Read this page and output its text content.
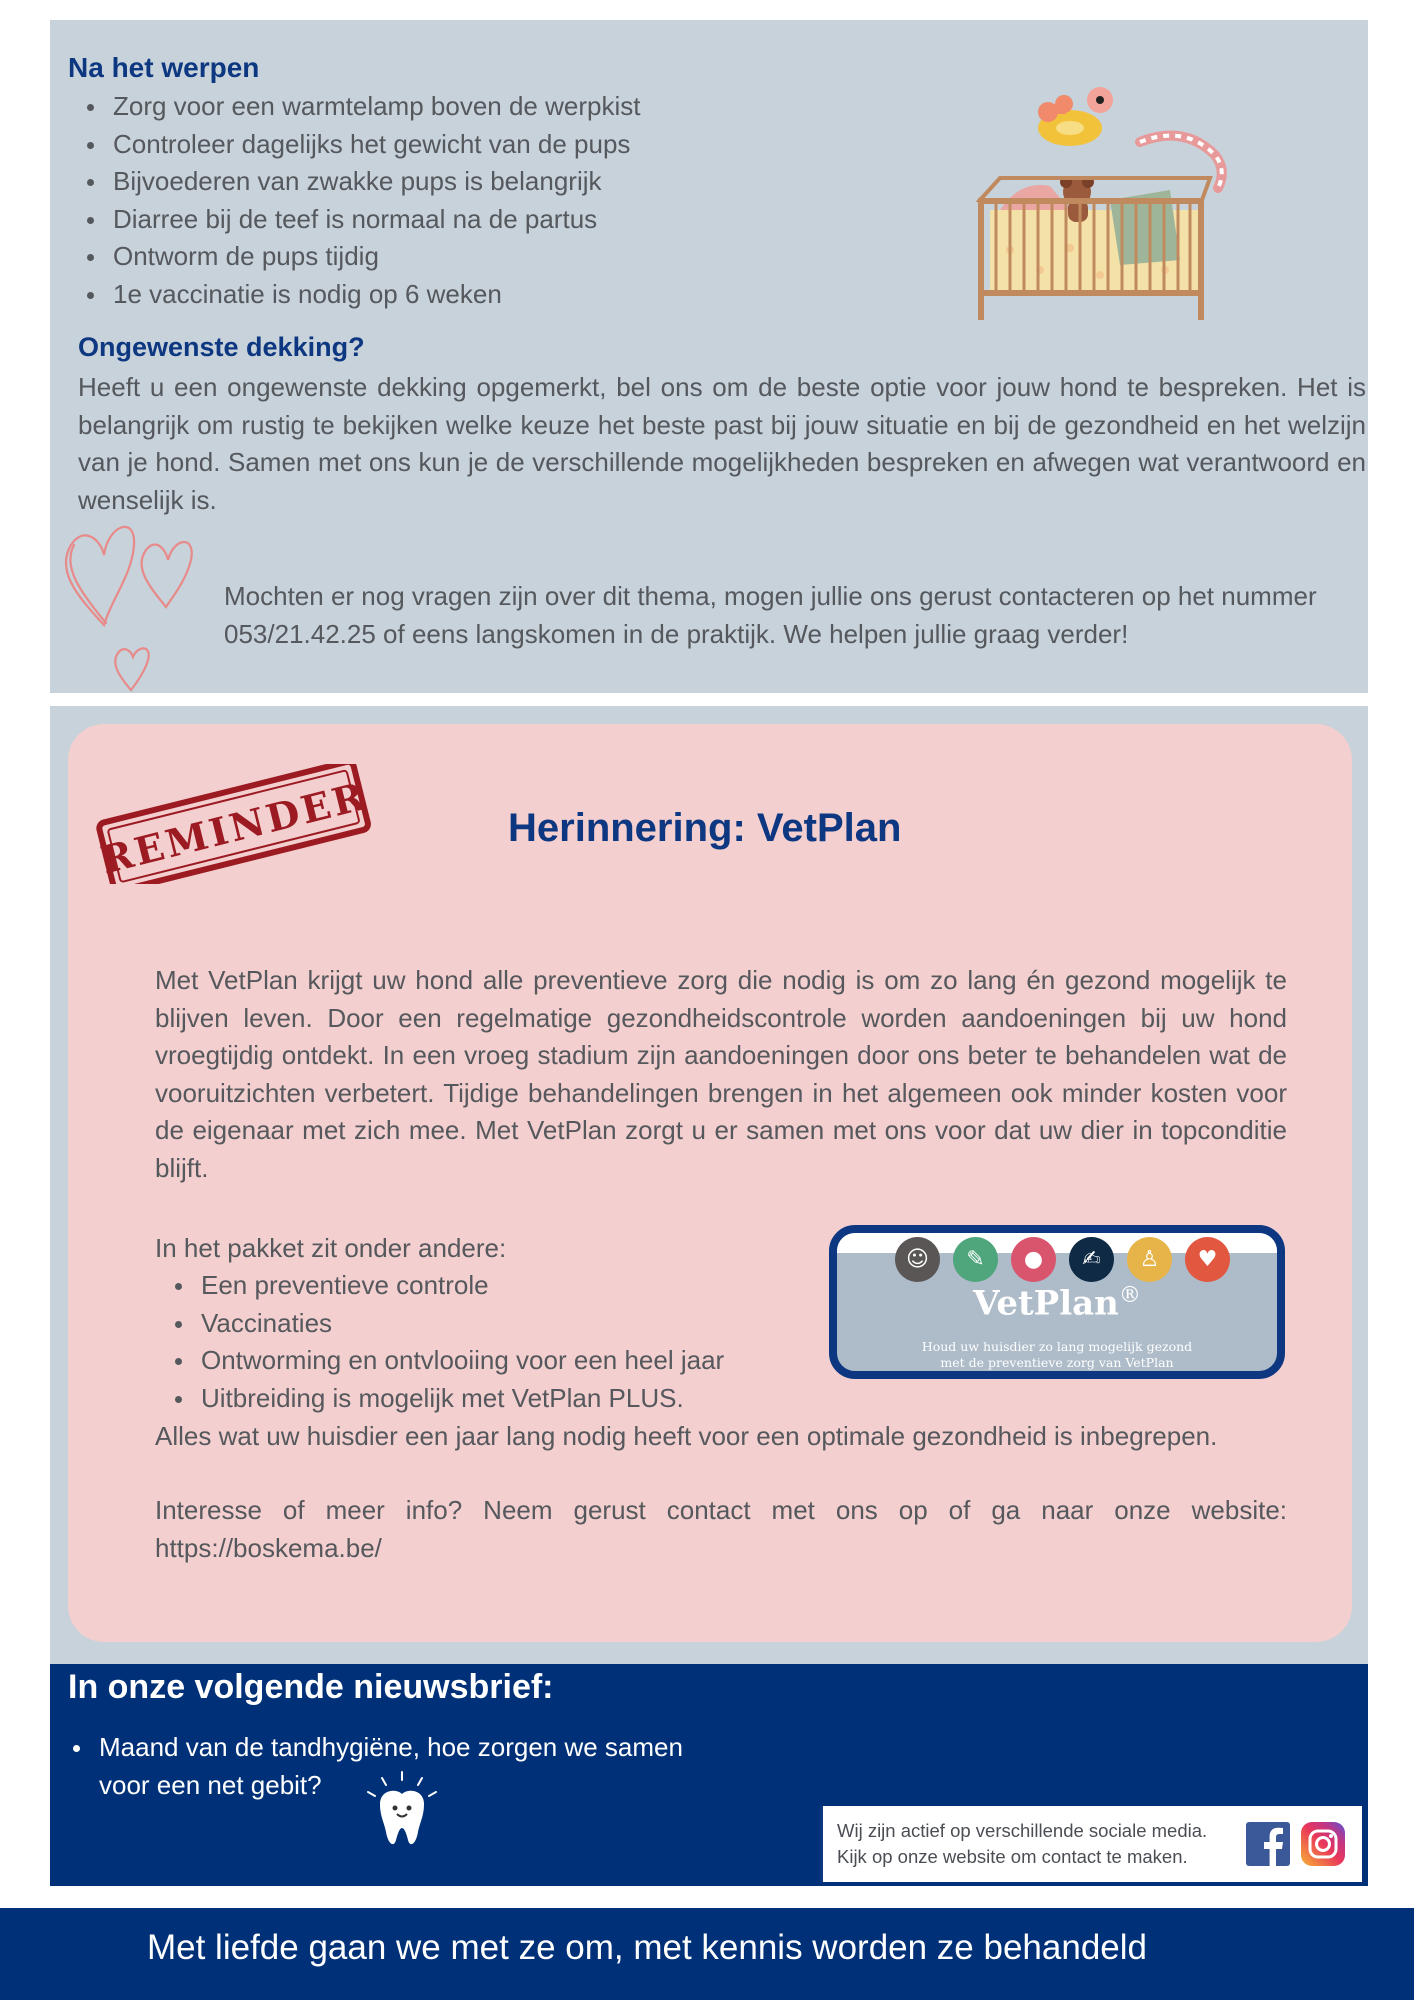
Na het werpen
Zorg voor een warmtelamp boven de werpkist
Controleer dagelijks het gewicht van de pups
Bijvoederen van zwakke pups is belangrijk
Diarree bij de teef is normaal na de partus
Ontworm de pups tijdig
1e vaccinatie is nodig op 6 weken
Ongewenste dekking?

Heeft u een ongewenste dekking opgemerkt, bel ons om de beste optie voor jouw hond te bespreken. Het is belangrijk om rustig te bekijken welke keuze het beste past bij jouw situatie en bij de gezondheid en het welzijn van je hond. Samen met ons kun je de verschillende mogelijkheden bespreken en afwegen wat verantwoord en wenselijk is.

Mochten er nog vragen zijn over dit thema, mogen jullie ons gerust contacteren op het nummer 053/21.42.25 of eens langskomen in de praktijk. We helpen jullie graag verder!

REMINDER	Herinnering: VetPlan

Met VetPlan krijgt uw hond alle preventieve zorg die nodig is om zo lang én gezond mogelijk te blijven leven. Door een regelmatige gezondheidscontrole worden aandoeningen bij uw hond vroegtijdig ontdekt. In een vroeg stadium zijn aandoeningen door ons beter te behandelen wat de vooruitzichten verbetert. Tijdige behandelingen brengen in het algemeen ook minder kosten voor de eigenaar met zich mee. Met VetPlan zorgt u er samen met ons voor dat uw dier in topconditie blijft.

In het pakket zit onder andere:

Een preventieve controle
Vaccinaties
Ontworming en ontvlooiing voor een heel jaar
Uitbreiding is mogelijk met VetPlan PLUS.
☺	✎	●	✍	♙	♥
VetPlan®
Houd uw huisdier zo lang mogelijk gezond
met de preventieve zorg van VetPlan

Alles wat uw huisdier een jaar lang nodig heeft voor een optimale gezondheid is inbegrepen.

Interesse of meer info? Neem gerust contact met ons op of ga naar onze website: https://boskema.be/

In onze volgende nieuwsbrief:
Maand van de tandhygiëne, hoe zorgen we samen voor een net gebit?
Wij zijn actief op verschillende sociale media.
Kijk op onze website om contact te maken.
Met liefde gaan we met ze om, met kennis worden ze behandeld
